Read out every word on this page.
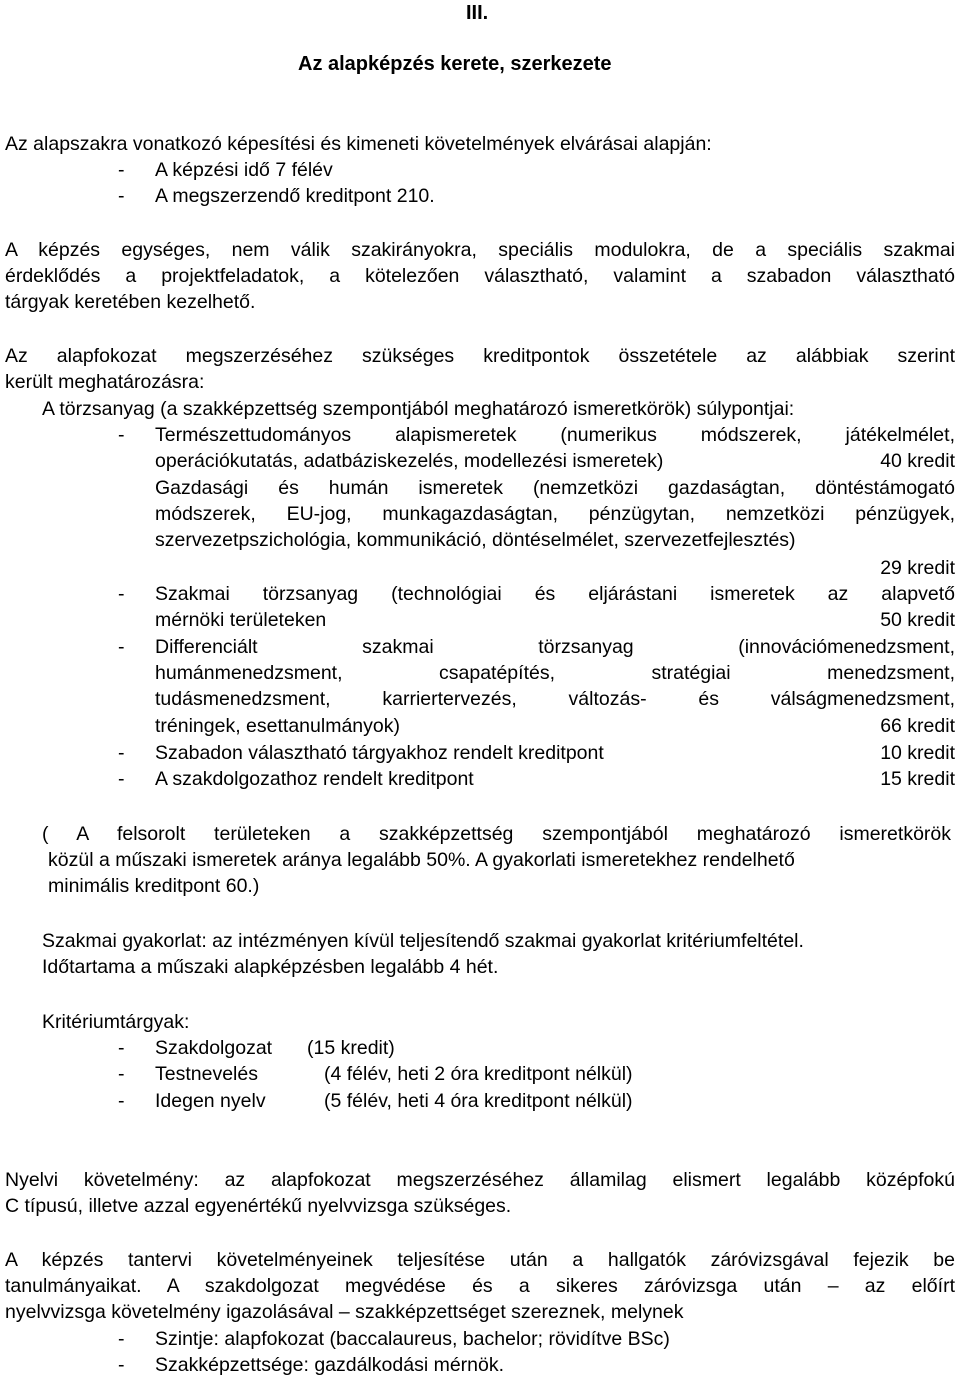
III.
Az alapképzés kerete, szerkezete
Az alapszakra vonatkozó képesítési és kimeneti követelmények elvárásai alapján:
- A képzési idő 7 félév
- A megszerzendő kreditpont 210.
A képzés egységes, nem válik szakirányokra, speciális modulokra, de a speciális szakmai
érdeklődés a projektfeladatok, a kötelezően választható, valamint a szabadon választható
tárgyak keretében kezelhető.
Az alapfokozat megszerzéséhez szükséges kreditpontok összetétele az alábbiak szerint
került meghatározásra:
A törzsanyag (a szakképzettség szempontjából meghatározó ismeretkörök) súlypontjai:
- Természettudományos alapismeretek (numerikus módszerek, játékelmélet,
operációkutatás, adatbáziskezelés, modellezési ismeretek)	40 kredit
Gazdasági és humán ismeretek (nemzetközi gazdaságtan, döntéstámogató
módszerek, EU-jog, munkagazdaságtan, pénzügytan, nemzetközi pénzügyek,
szervezetpszichológia, kommunikáció, döntéselmélet, szervezetfejlesztés)
29 kredit
- Szakmai törzsanyag (technológiai és eljárástani ismeretek az alapvető
mérnöki területeken	50 kredit
- Differenciált szakmai törzsanyag (innovációmenedzsment,
humánmenedzsment, csapatépítés, stratégiai menedzsment,
tudásmenedzsment, karriertervezés, változás- és válságmenedzsment,
tréningek, esettanulmányok)	66 kredit
- Szabadon választható tárgyakhoz rendelt kreditpont	10 kredit
- A szakdolgozathoz rendelt kreditpont	15 kredit
( A felsorolt területeken a szakképzettség szempontjából meghatározó ismeretkörök
közül a műszaki ismeretek aránya legalább 50%. A gyakorlati ismeretekhez rendelhető
minimális kreditpont 60.)
Szakmai gyakorlat: az intézményen kívül teljesítendő szakmai gyakorlat kritériumfeltétel.
Időtartama a műszaki alapképzésben legalább 4 hét.
Kritériumtárgyak:
- Szakdolgozat (15 kredit)
- Testnevelés	(4 félév, heti 2 óra kreditpont nélkül)
- Idegen nyelv	(5 félév, heti 4 óra kreditpont nélkül)
Nyelvi követelmény: az alapfokozat megszerzéséhez államilag elismert legalább középfokú
C típusú, illetve azzal egyenértékű nyelvvizsga szükséges.
A képzés tantervi követelményeinek teljesítése után a hallgatók záróvizsgával fejezik be
tanulmányaikat. A szakdolgozat megvédése és a sikeres záróvizsga után – az előírt
nyelvvizsga követelmény igazolásával – szakképzettséget szereznek, melynek
- Szintje: alapfokozat (baccalaureus, bachelor; rövidítve BSc)
- Szakképzettsége: gazdálkodási mérnök.
